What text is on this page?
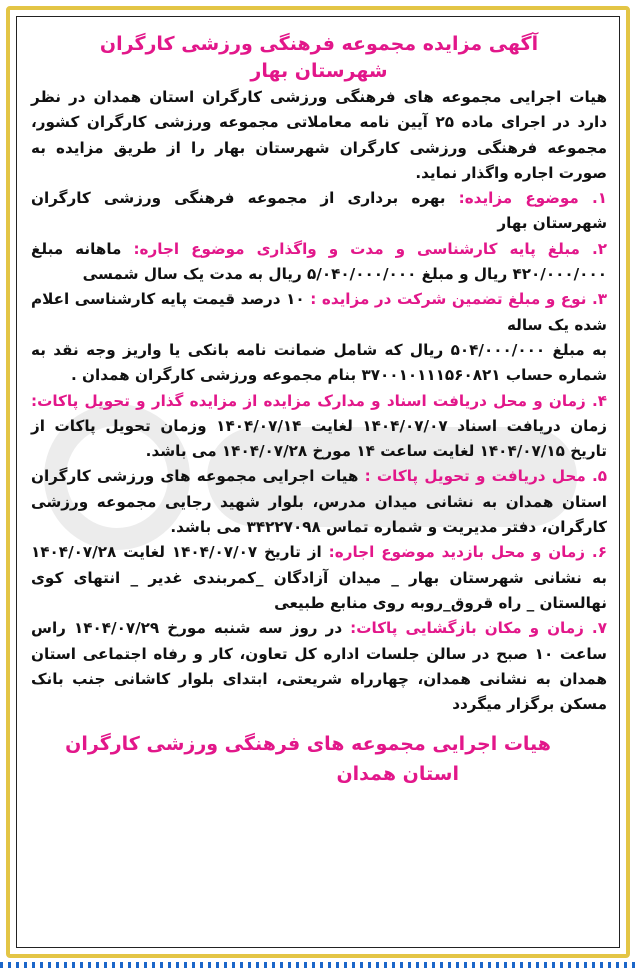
آگهی مزایده مجموعه فرهنگی ورزشی کارگران

شهرستان بهار

هیات اجرایی مجموعه های فرهنگی ورزشی کارگران استان همدان در نظر دارد در اجرای ماده ۲۵ آیین نامه معاملاتی مجموعه ورزشی کارگران کشور، مجموعه فرهنگی ورزشی کارگران شهرستان بهار را از طریق مزایده به صورت اجاره واگذار نماید.

۱. موضوع مزایده: بهره برداری از مجموعه فرهنگی ورزشی کارگران شهرستان بهار

۲. مبلغ پایه کارشناسی و مدت و واگذاری موضوع اجاره: ماهانه مبلغ ۴۲۰/۰۰۰/۰۰۰ ریال و مبلغ ۵/۰۴۰/۰۰۰/۰۰۰ ریال به مدت یک سال شمسی

۳. نوع و مبلغ تضمین شرکت در مزایده : ۱۰ درصد قیمت پایه کارشناسی اعلام شده یک ساله

به مبلغ ۵۰۴/۰۰۰/۰۰۰ ریال که شامل ضمانت نامه بانکی یا واریز وجه نقد به شماره حساب ۳۷۰۰۱۰۱۱۱۵۶۰۸۲۱ بنام مجموعه ورزشی کارگران همدان .

۴. زمان و محل دریافت اسناد و مدارک مزایده از مزایده گذار و تحویل پاکات: زمان دریافت اسناد ۱۴۰۴/۰۷/۰۷ لغایت ۱۴۰۴/۰۷/۱۴ وزمان تحویل پاکات از تاریخ ۱۴۰۴/۰۷/۱۵ لغایت ساعت ۱۴ مورخ ۱۴۰۴/۰۷/۲۸ می باشد.

۵. محل دریافت و تحویل پاکات : هیات اجرایی مجموعه های ورزشی کارگران استان همدان به نشانی میدان مدرس، بلوار شهید رجایی مجموعه ورزشی کارگران، دفتر مدیریت و شماره تماس ۳۴۲۲۷۰۹۸ می باشد.

۶. زمان و محل بازدید موضوع اجاره: از تاریخ ۱۴۰۴/۰۷/۰۷ لغایت ۱۴۰۴/۰۷/۲۸ به نشانی شهرستان بهار _ میدان آزادگان _کمربندی غدیر _ انتهای کوی نهالستان _ راه قروق_روبه روی منابع طبیعی

۷. زمان و مکان بازگشایی پاکات: در روز سه شنبه مورخ ۱۴۰۴/۰۷/۲۹ راس ساعت ۱۰ صبح در سالن جلسات اداره کل تعاون، کار و رفاه اجتماعی استان همدان به نشانی همدان، چهارراه شریعتی، ابتدای بلوار کاشانی جنب بانک مسکن برگزار میگردد

هیات اجرایی مجموعه های فرهنگی ورزشی کارگران
استان همدان
